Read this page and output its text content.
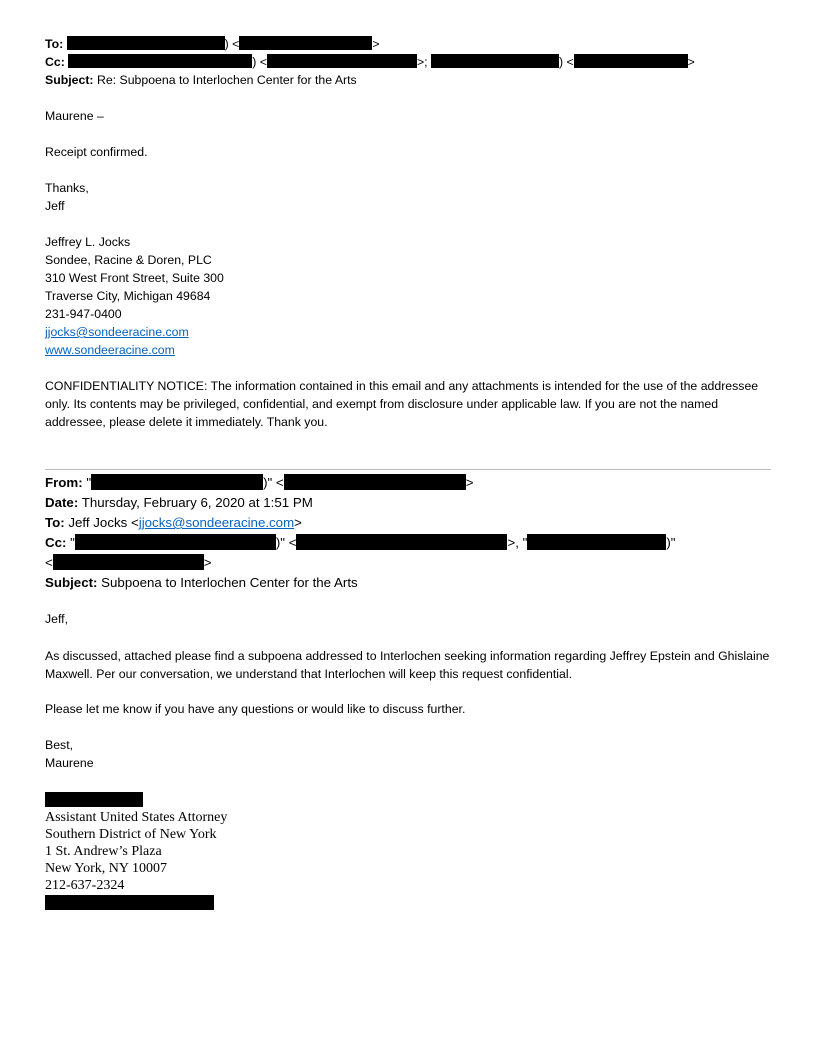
To:	) <	>
Cc:	) <	>;	) <	>
Subject: Re: Subpoena to Interlochen Center for the Arts
Maurene –
Receipt confirmed.
Thanks,
Jeff
Jeffrey L. Jocks
Sondee, Racine & Doren, PLC
310 West Front Street, Suite 300
Traverse City, Michigan 49684
231-947-0400
jjocks@sondeeracine.com
www.sondeeracine.com
CONFIDENTIALITY NOTICE: The information contained in this email and any attachments is intended for the use of the addressee only. Its contents may be privileged, confidential, and exempt from disclosure under applicable law. If you are not the named addressee, please delete it immediately. Thank you.
From: "	)" <	>
Date: Thursday, February 6, 2020 at 1:51 PM
To: Jeff Jocks <jjocks@sondeeracine.com>
Cc: "	)" <	>, "	)"
<	>
Subject: Subpoena to Interlochen Center for the Arts
Jeff,
As discussed, attached please find a subpoena addressed to Interlochen seeking information regarding Jeffrey Epstein and Ghislaine Maxwell. Per our conversation, we understand that Interlochen will keep this request confidential.
Please let me know if you have any questions or would like to discuss further.
Best,
Maurene
Assistant United States Attorney
Southern District of New York
1 St. Andrew’s Plaza
New York, NY 10007
212-637-2324
